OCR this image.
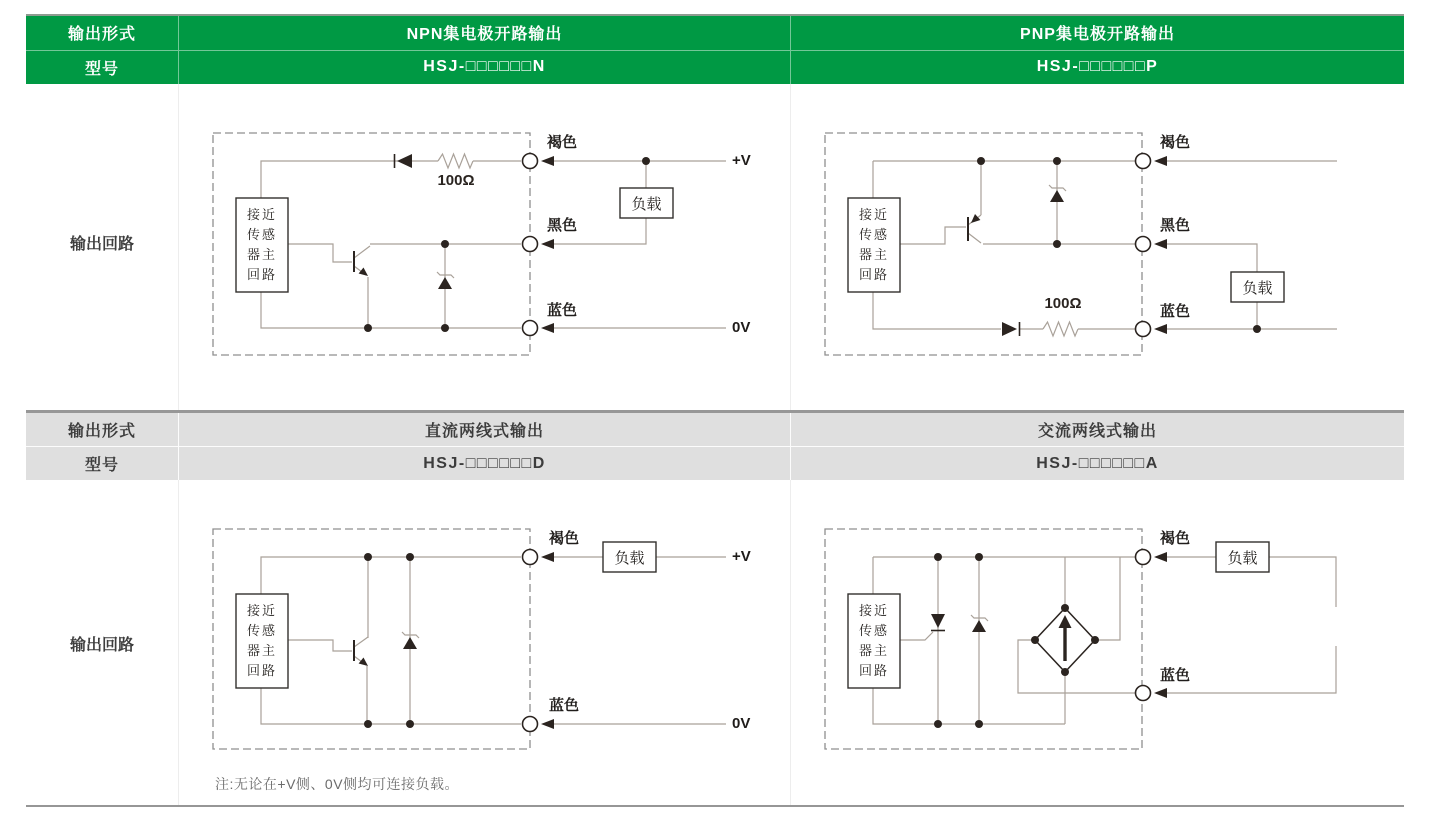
输出形式	NPN集电极开路输出	PNP集电极开路输出
型号	HSJ-□□□□□□N	HSJ-□□□□□□P
输出形式	直流两线式输出	交流两线式输出
型号	HSJ-□□□□□□D	HSJ-□□□□□□A
输出回路
输出回路
接近传感器主回路
褐色
黑色
蓝色
100Ω
负载
+V
0V
接近传感器主回路
褐色
黑色
蓝色
100Ω
负载
接近传感器主回路
褐色
蓝色
负载	+V
0V
接近传感器主回路
褐色
蓝色
负载
注:无论在+V侧、0V侧均可连接负载。
